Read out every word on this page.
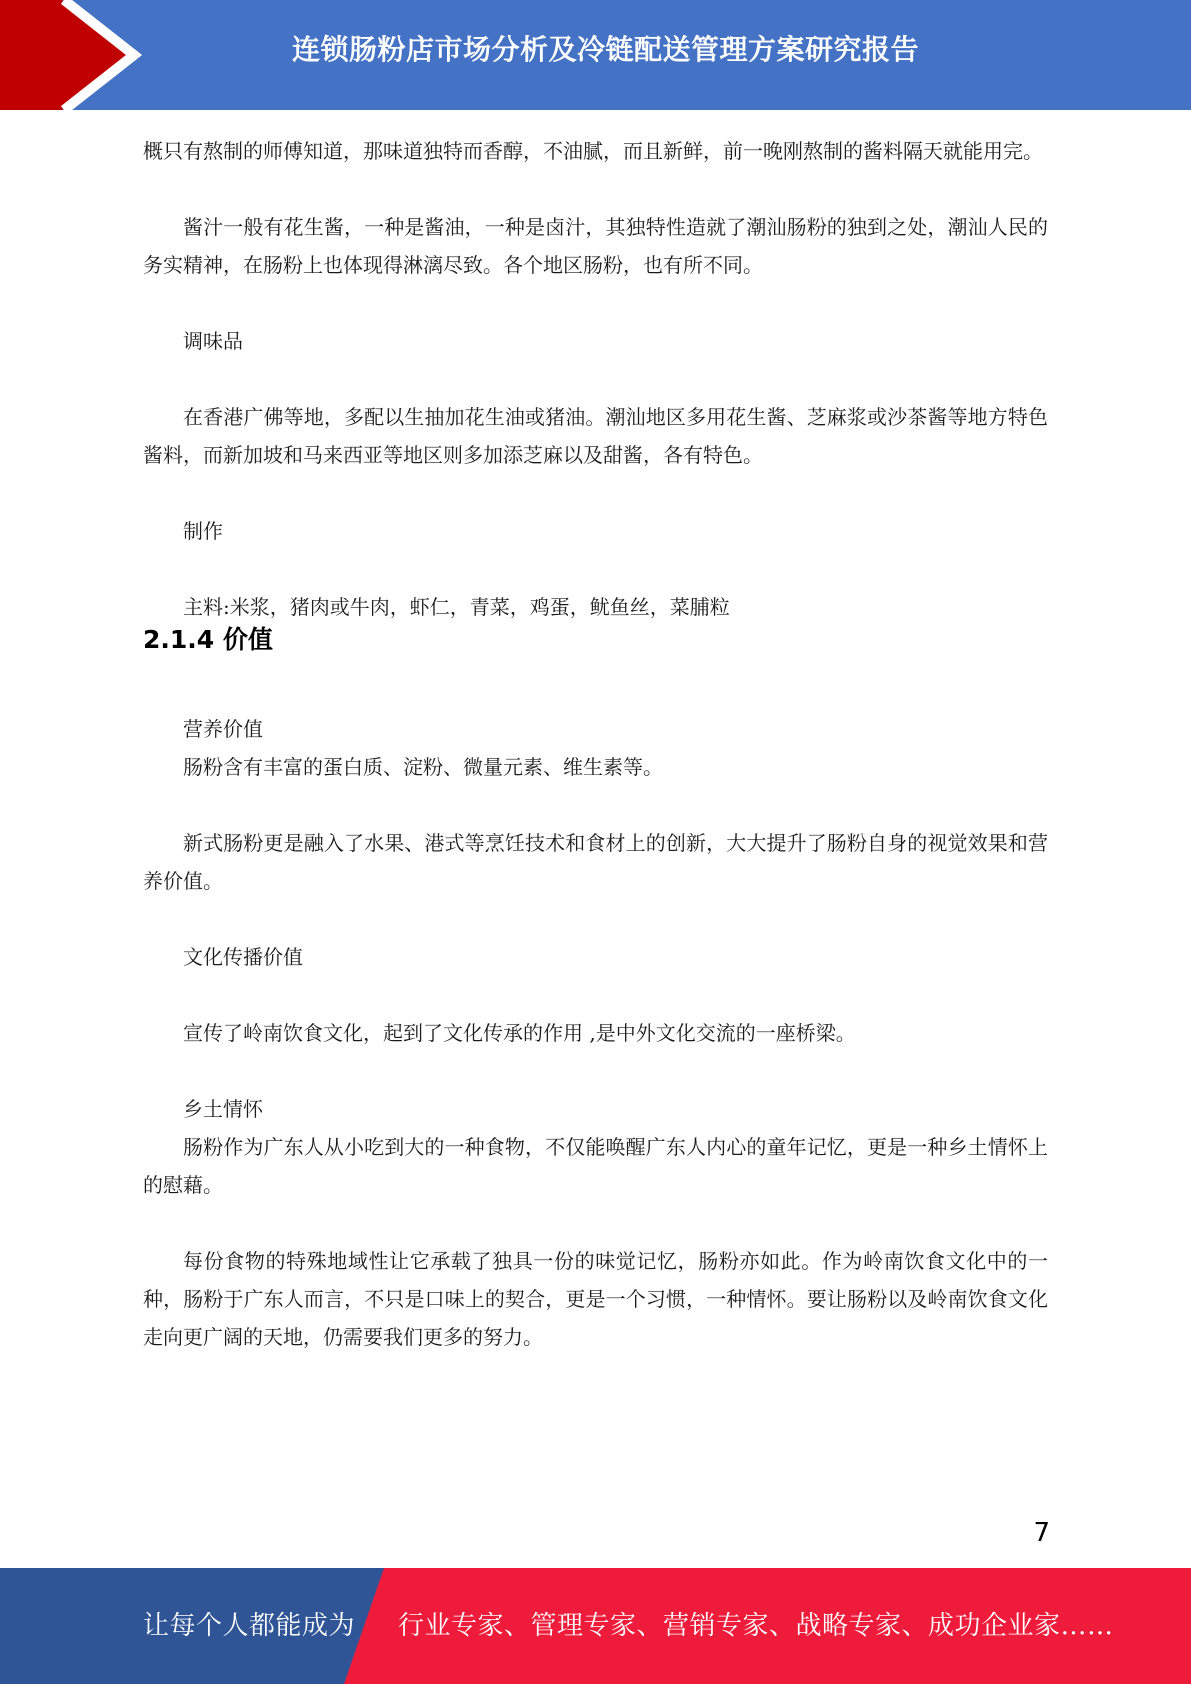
连锁肠粉店市场分析及冷链配送管理方案研究报告

概只有熬制的师傅知道，那味道独特而香醇，不油腻，而且新鲜，前一晚刚熬制的酱料隔天就能用完。

酱汁一般有花生酱，一种是酱油，一种是卤汁，其独特性造就了潮汕肠粉的独到之处，潮汕人民的务实精神，在肠粉上也体现得淋漓尽致。各个地区肠粉，也有所不同。

调味品

在香港广佛等地，多配以生抽加花生油或猪油。潮汕地区多用花生酱、芝麻浆或沙茶酱等地方特色酱料，而新加坡和马来西亚等地区则多加添芝麻以及甜酱，各有特色。

制作

主料:米浆，猪肉或牛肉，虾仁，青菜，鸡蛋，鱿鱼丝，菜脯粒

2.1.4 价值

营养价值

肠粉含有丰富的蛋白质、淀粉、微量元素、维生素等。

新式肠粉更是融入了水果、港式等烹饪技术和食材上的创新，大大提升了肠粉自身的视觉效果和营养价值。

文化传播价值

宣传了岭南饮食文化，起到了文化传承的作用 ,是中外文化交流的一座桥梁。

乡土情怀

肠粉作为广东人从小吃到大的一种食物，不仅能唤醒广东人内心的童年记忆，更是一种乡土情怀上的慰藉。

每份食物的特殊地域性让它承载了独具一份的味觉记忆，肠粉亦如此。作为岭南饮食文化中的一种，肠粉于广东人而言，不只是口味上的契合，更是一个习惯，一种情怀。要让肠粉以及岭南饮食文化走向更广阔的天地，仍需要我们更多的努力。

7
让每个人都能成为 行业专家、管理专家、营销专家、战略专家、成功企业家……
